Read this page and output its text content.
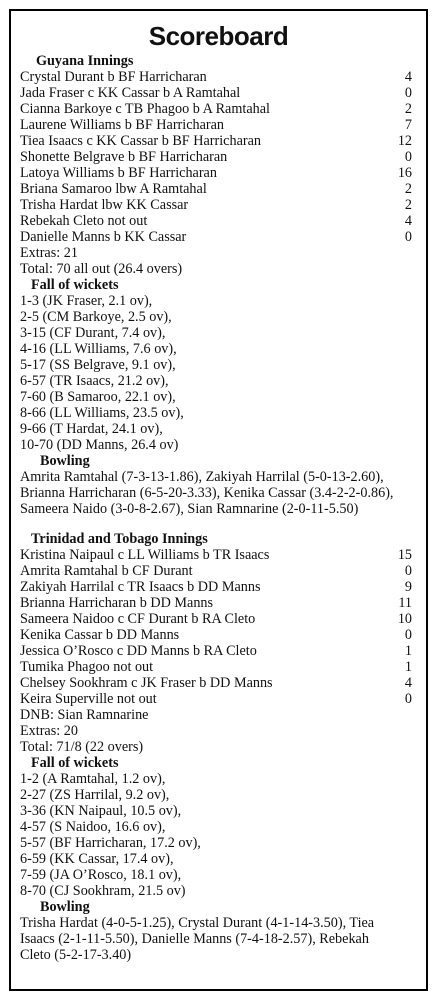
Scoreboard
Guyana Innings
Crystal Durant b BF Harricharan	4
Jada Fraser c KK Cassar b A Ramtahal	0
Cianna Barkoye c TB Phagoo b A Ramtahal	2
Laurene Williams b BF Harricharan	7
Tiea Isaacs c KK Cassar b BF Harricharan	12
Shonette Belgrave b BF Harricharan	0
Latoya Williams b BF Harricharan	16
Briana Samaroo lbw A Ramtahal	2
Trisha Hardat lbw KK Cassar	2
Rebekah Cleto not out	4
Danielle Manns b KK Cassar	0
Extras: 21
Total: 70 all out (26.4 overs)
Fall of wickets
1-3 (JK Fraser, 2.1 ov),
2-5 (CM Barkoye, 2.5 ov),
3-15 (CF Durant, 7.4 ov),
4-16 (LL Williams, 7.6 ov),
5-17 (SS Belgrave, 9.1 ov),
6-57 (TR Isaacs, 21.2 ov),
7-60 (B Samaroo, 22.1 ov),
8-66 (LL Williams, 23.5 ov),
9-66 (T Hardat, 24.1 ov),
10-70 (DD Manns, 26.4 ov)
Bowling
Amrita Ramtahal (7-3-13-1.86), Zakiyah Harrilal (5-0-13-2.60),
Brianna Harricharan (6-5-20-3.33), Kenika Cassar (3.4-2-2-0.86),
Sameera Naido (3-0-8-2.67), Sian Ramnarine (2-0-11-5.50)
Trinidad and Tobago Innings
Kristina Naipaul c LL Williams b TR Isaacs	15
Amrita Ramtahal b CF Durant	0
Zakiyah Harrilal c TR Isaacs b DD Manns	9
Brianna Harricharan b DD Manns	11
Sameera Naidoo c CF Durant b RA Cleto	10
Kenika Cassar b DD Manns	0
Jessica O’Rosco c DD Manns b RA Cleto	1
Tumika Phagoo not out	1
Chelsey Sookhram c JK Fraser b DD Manns	4
Keira Superville not out	0
DNB: Sian Ramnarine
Extras: 20
Total: 71/8 (22 overs)
Fall of wickets
1-2 (A Ramtahal, 1.2 ov),
2-27 (ZS Harrilal, 9.2 ov),
3-36 (KN Naipaul, 10.5 ov),
4-57 (S Naidoo, 16.6 ov),
5-57 (BF Harricharan, 17.2 ov),
6-59 (KK Cassar, 17.4 ov),
7-59 (JA O’Rosco, 18.1 ov),
8-70 (CJ Sookhram, 21.5 ov)
Bowling
Trisha Hardat (4-0-5-1.25), Crystal Durant (4-1-14-3.50), Tiea
Isaacs (2-1-11-5.50), Danielle Manns (7-4-18-2.57), Rebekah
Cleto (5-2-17-3.40)
